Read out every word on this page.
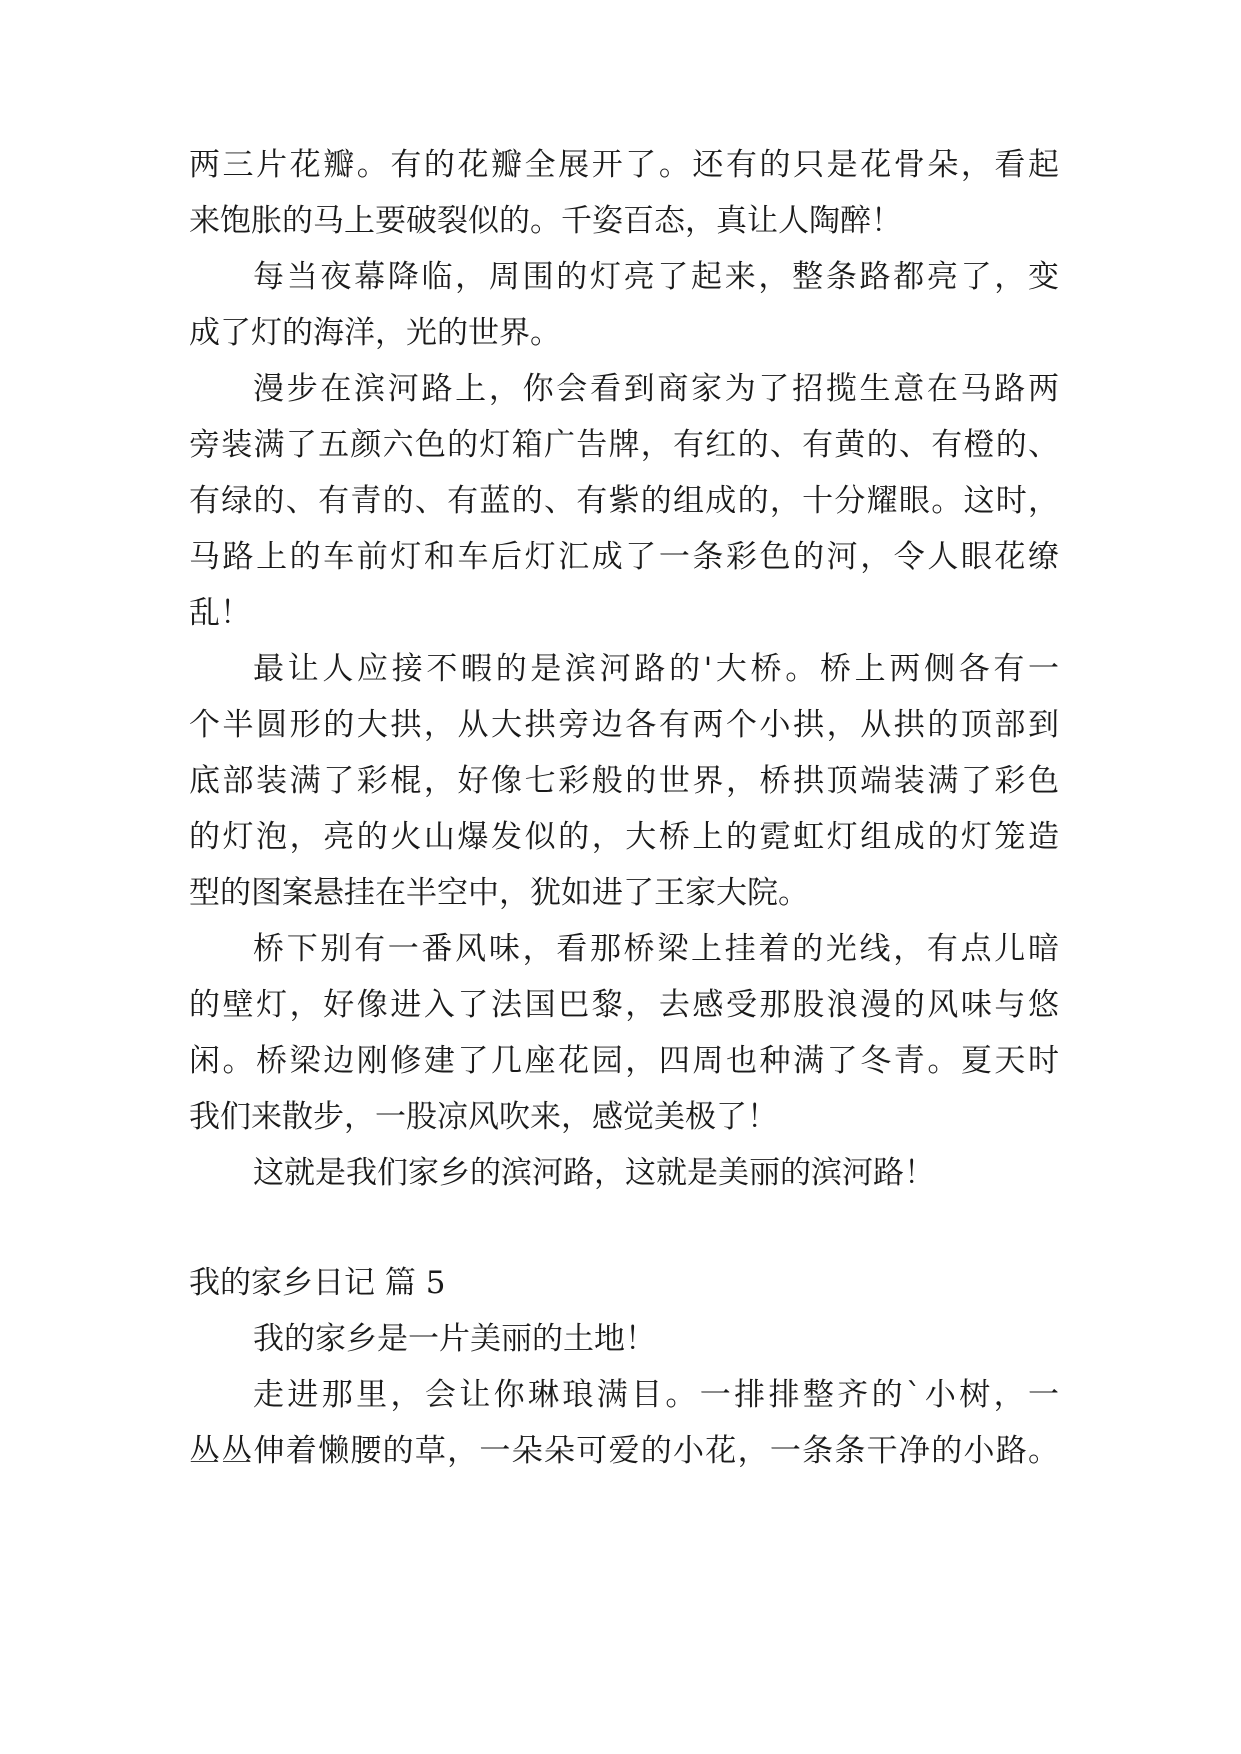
两三片花瓣。有的花瓣全展开了。还有的只是花骨朵，看起
来饱胀的马上要破裂似的。千姿百态，真让人陶醉！
每当夜幕降临，周围的灯亮了起来，整条路都亮了，变
成了灯的海洋，光的世界。
漫步在滨河路上，你会看到商家为了招揽生意在马路两
旁装满了五颜六色的灯箱广告牌，有红的、有黄的、有橙的、
有绿的、有青的、有蓝的、有紫的组成的，十分耀眼。这时，
马路上的车前灯和车后灯汇成了一条彩色的河，令人眼花缭
乱！
最让人应接不暇的是滨河路的'大桥。桥上两侧各有一
个半圆形的大拱，从大拱旁边各有两个小拱，从拱的顶部到
底部装满了彩棍，好像七彩般的世界，桥拱顶端装满了彩色
的灯泡，亮的火山爆发似的，大桥上的霓虹灯组成的灯笼造
型的图案悬挂在半空中，犹如进了王家大院。
桥下别有一番风味，看那桥梁上挂着的光线，有点儿暗
的壁灯，好像进入了法国巴黎，去感受那股浪漫的风味与悠
闲。桥梁边刚修建了几座花园，四周也种满了冬青。夏天时
我们来散步，一股凉风吹来，感觉美极了！
这就是我们家乡的滨河路，这就是美丽的滨河路！
我的家乡日记 篇 5
我的家乡是一片美丽的土地！
走进那里，会让你琳琅满目。一排排整齐的`小树，一
丛丛伸着懒腰的草，一朵朵可爱的小花，一条条干净的小路。
